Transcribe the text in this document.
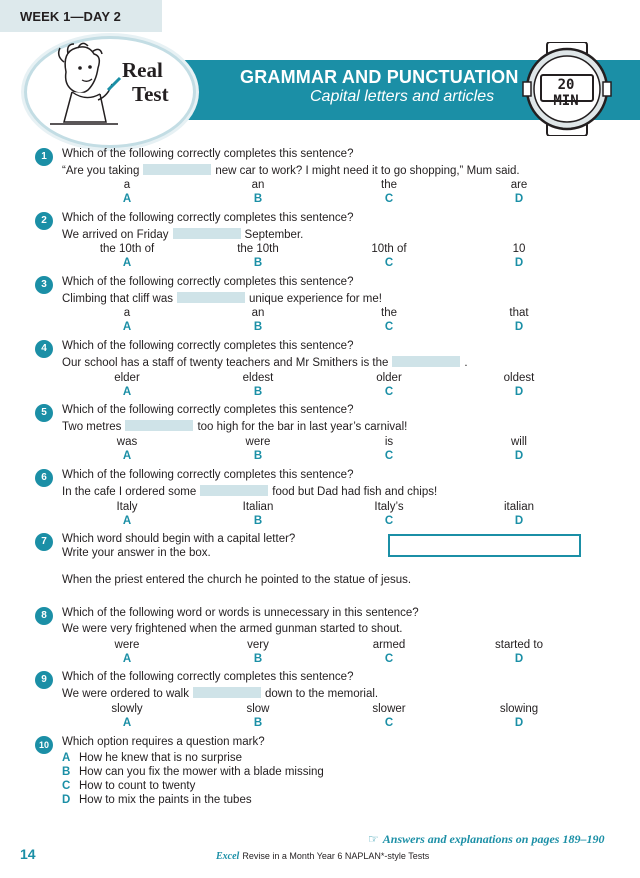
WEEK 1—DAY 2
GRAMMAR AND PUNCTUATION
Capital letters and articles
Real
Test	20 MIN
1	Which of the following correctly completes this sentence?
“Are you taking	new car to work? I might need it to go shopping,” Mum said.
a	an	the	are
A	B	C	D
2	Which of the following correctly completes this sentence?
We arrived on Friday	September.
the 10th of	the 10th	10th of	10
A	B	C	D
3	Which of the following correctly completes this sentence?
Climbing that cliff was	unique experience for me!
a	an	the	that
A	B	C	D
4	Which of the following correctly completes this sentence?
Our school has a staff of twenty teachers and Mr Smithers is the	.
elder	eldest	older	oldest
A	B	C	D
5	Which of the following correctly completes this sentence?
Two metres	too high for the bar in last year’s carnival!
was	were	is	will
A	B	C	D
6	Which of the following correctly completes this sentence?
In the cafe I ordered some	food but Dad had fish and chips!
Italy	Italian	Italy’s	italian
A	B	C	D
7	Which word should begin with a capital letter?
Write your answer in the box.
When the priest entered the church he pointed to the statue of jesus.
8	Which of the following word or words is unnecessary in this sentence?
We were very frightened when the armed gunman started to shout.
were	very	armed	started to
A	B	C	D
9	Which of the following correctly completes this sentence?
We were ordered to walk	down to the memorial.
slowly	slow	slower	slowing
A	B	C	D
10	Which option requires a question mark?
A How he knew that is no surprise
B How can you fix the mower with a blade missing
C How to count to twenty
D How to mix the paints in the tubes
☞ Answers and explanations on pages 189–190
14	Excel Revise in a Month Year 6 NAPLAN*-style Tests
